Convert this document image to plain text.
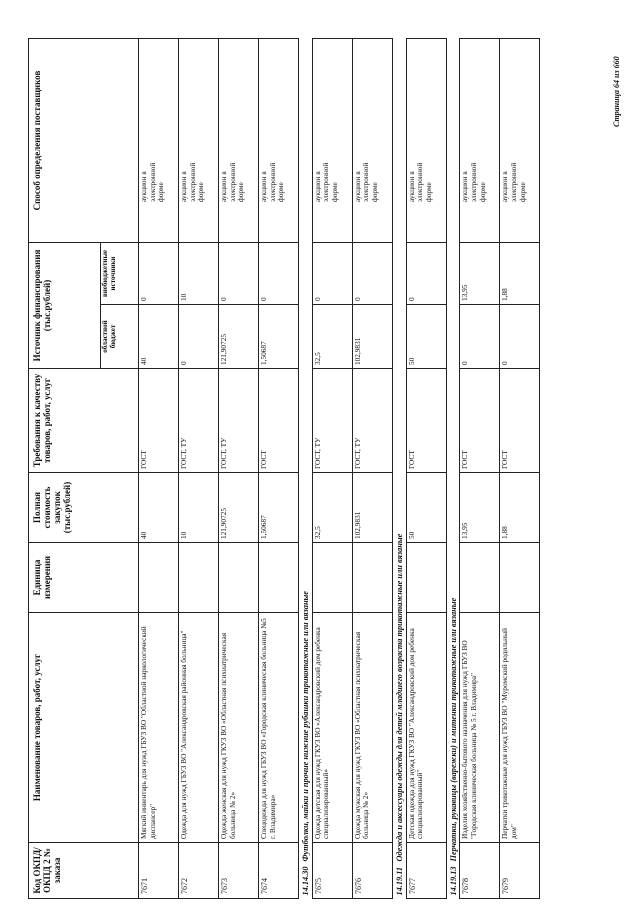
Код ОКПД/ ОКПД 2 № заказа	Наименование товаров, работ, услуг	Единица измерения	Полная стоимость закупок (тыс.рублей)	Требования к качеству товаров, работ, услуг	Источник финансирования (тыс.рублей)		Способ определения поставщиков
					областной бюджет	внебюджетные источники	
7671	Мягкий инвентарь для нужд ГБУЗ ВО "Областной наркологический диспансер"		40	ГОСТ	40	0	аукцион в электронной форме
7672	Одежда для нужд ГБУЗ ВО "Александровская районная больница"		10	ГОСТ, ТУ	0	10	аукцион в электронной форме
7673	Одежда женская для нужд ГКУЗ ВО «Областная психиатрическая больница № 2»		121,90725	ГОСТ, ТУ	121,90725	0	аукцион в электронной форме
7674	Спецодежда для нужд ГБУЗ ВО «Городская клиническая больница №5 г. Владимира»		1,50687	ГОСТ	1,50687	0	аукцион в электронной форме
14.14.30Футболки, майки и прочие нижние рубашки трикотажные или вязаные							
7675	Одежда детская для нужд ГКУЗ ВО «Александровский дом ребенка специализированный»		32,5	ГОСТ, ТУ	32,5	0	аукцион в электронной форме
7676	Одежда мужская для нужд ГКУЗ ВО «Областная психиатрическая больница № 2»		102,9831	ГОСТ, ТУ	102,9831	0	аукцион в электронной форме
14.19.11Одежда и аксессуары одежды для детей младшего возраста трикотажные или вязаные							
7677	Детская одежда для нужд ГКУЗ ВО "Александровский дом ребенка специализированный"		50	ГОСТ	50	0	аукцион в электронной форме
14.19.13Перчатки, рукавицы (варежки) и митенки трикотажные или вязаные							
7678	Изделия хозяйственно-бытового назначения для нужд ГБУЗ ВО "Городская клиническая больница № 5 г. Владимира"		13,95	ГОСТ	0	13,95	аукцион в электронной форме
7679	Перчатки трикотажные для нужд ГБУЗ ВО "Муромский родильный дом"		1,88	ГОСТ	0	1,88	аукцион в электронной форме
Страница 64 из 660
